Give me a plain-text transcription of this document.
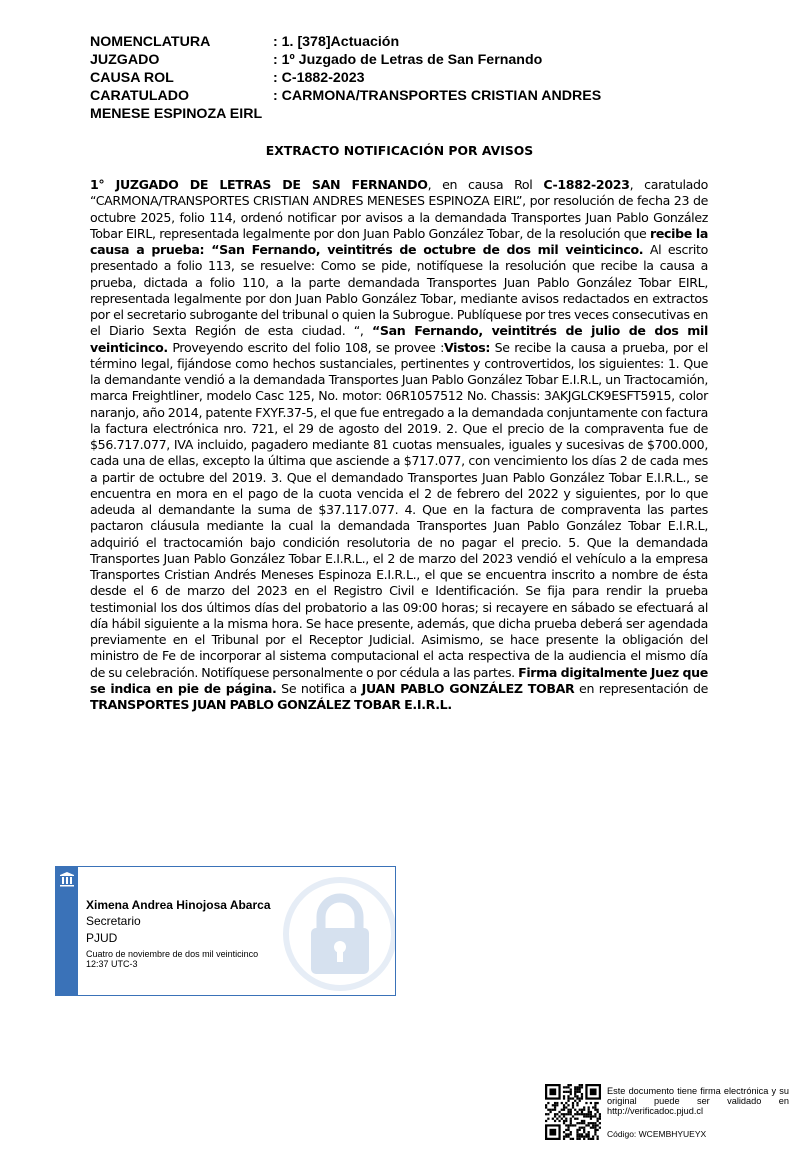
NOMENCLATURA	: 1. [378]Actuación
JUZGADO	: 1º Juzgado de Letras de San Fernando
CAUSA ROL	: C-1882-2023
CARATULADO	: CARMONA/TRANSPORTES CRISTIAN ANDRES
MENESE ESPINOZA EIRL
EXTRACTO NOTIFICACIÓN POR AVISOS
1° JUZGADO DE LETRAS DE SAN FERNANDO, en causa Rol C-1882-2023, caratulado “CARMONA/TRANSPORTES CRISTIAN ANDRES MENESES ESPINOZA EIRL”, por resolución de fecha 23 de octubre 2025, folio 114, ordenó notificar por avisos a la demandada Transportes Juan Pablo González Tobar EIRL, representada legalmente por don Juan Pablo González Tobar, de la resolución que recibe la causa a prueba: “San Fernando, veintitrés de octubre de dos mil veinticinco. Al escrito presentado a folio 113, se resuelve: Como se pide, notifíquese la resolución que recibe la causa a prueba, dictada a folio 110, a la parte demandada Transportes Juan Pablo González Tobar EIRL, representada legalmente por don Juan Pablo González Tobar, mediante avisos redactados en extractos por el secretario subrogante del tribunal o quien la Subrogue. Publíquese por tres veces consecutivas en el Diario Sexta Región de esta ciudad. “, “San Fernando, veintitrés de julio de dos mil veinticinco. Proveyendo escrito del folio 108, se provee :Vistos: Se recibe la causa a prueba, por el término legal, fijándose como hechos sustanciales, pertinentes y controvertidos, los siguientes: 1. Que la demandante vendió a la demandada Transportes Juan Pablo González Tobar E.I.R.L, un Tractocamión, marca Freightliner, modelo Casc 125, No. motor: 06R1057512 No. Chassis: 3AKJGLCK9ESFT5915, color naranjo, año 2014, patente FXYF.37-5, el que fue entregado a la demandada conjuntamente con factura la factura electrónica nro. 721, el 29 de agosto del 2019. 2. Que el precio de la compraventa fue de $56.717.077, IVA incluido, pagadero mediante 81 cuotas mensuales, iguales y sucesivas de $700.000, cada una de ellas, excepto la última que asciende a $717.077, con vencimiento los días 2 de cada mes a partir de octubre del 2019. 3. Que el demandado Transportes Juan Pablo González Tobar E.I.R.L., se encuentra en mora en el pago de la cuota vencida el 2 de febrero del 2022 y siguientes, por lo que adeuda al demandante la suma de $37.117.077. 4. Que en la factura de compraventa las partes pactaron cláusula mediante la cual la demandada Transportes Juan Pablo González Tobar E.I.R.L, adquirió el tractocamión bajo condición resolutoria de no pagar el precio. 5. Que la demandada Transportes Juan Pablo González Tobar E.I.R.L., el 2 de marzo del 2023 vendió el vehículo a la empresa Transportes Cristian Andrés Meneses Espinoza E.I.R.L., el que se encuentra inscrito a nombre de ésta desde el 6 de marzo del 2023 en el Registro Civil e Identificación. Se fija para rendir la prueba testimonial los dos últimos días del probatorio a las 09:00 horas; si recayere en sábado se efectuará al día hábil siguiente a la misma hora. Se hace presente, además, que dicha prueba deberá ser agendada previamente en el Tribunal por el Receptor Judicial. Asimismo, se hace presente la obligación del ministro de Fe de incorporar al sistema computacional el acta respectiva de la audiencia el mismo día de su celebración. Notifíquese personalmente o por cédula a las partes. Firma digitalmente Juez que se indica en pie de página. Se notifica a JUAN PABLO GONZÁLEZ TOBAR en representación de TRANSPORTES JUAN PABLO GONZÁLEZ TOBAR E.I.R.L.
Ximena Andrea Hinojosa Abarca
Secretario
PJUD
Cuatro de noviembre de dos mil veinticinco
12:37 UTC-3
Este documento tiene firma electrónica y su original puede ser validado en http://verificadoc.pjud.cl
Código: WCEMBHYUEYX
